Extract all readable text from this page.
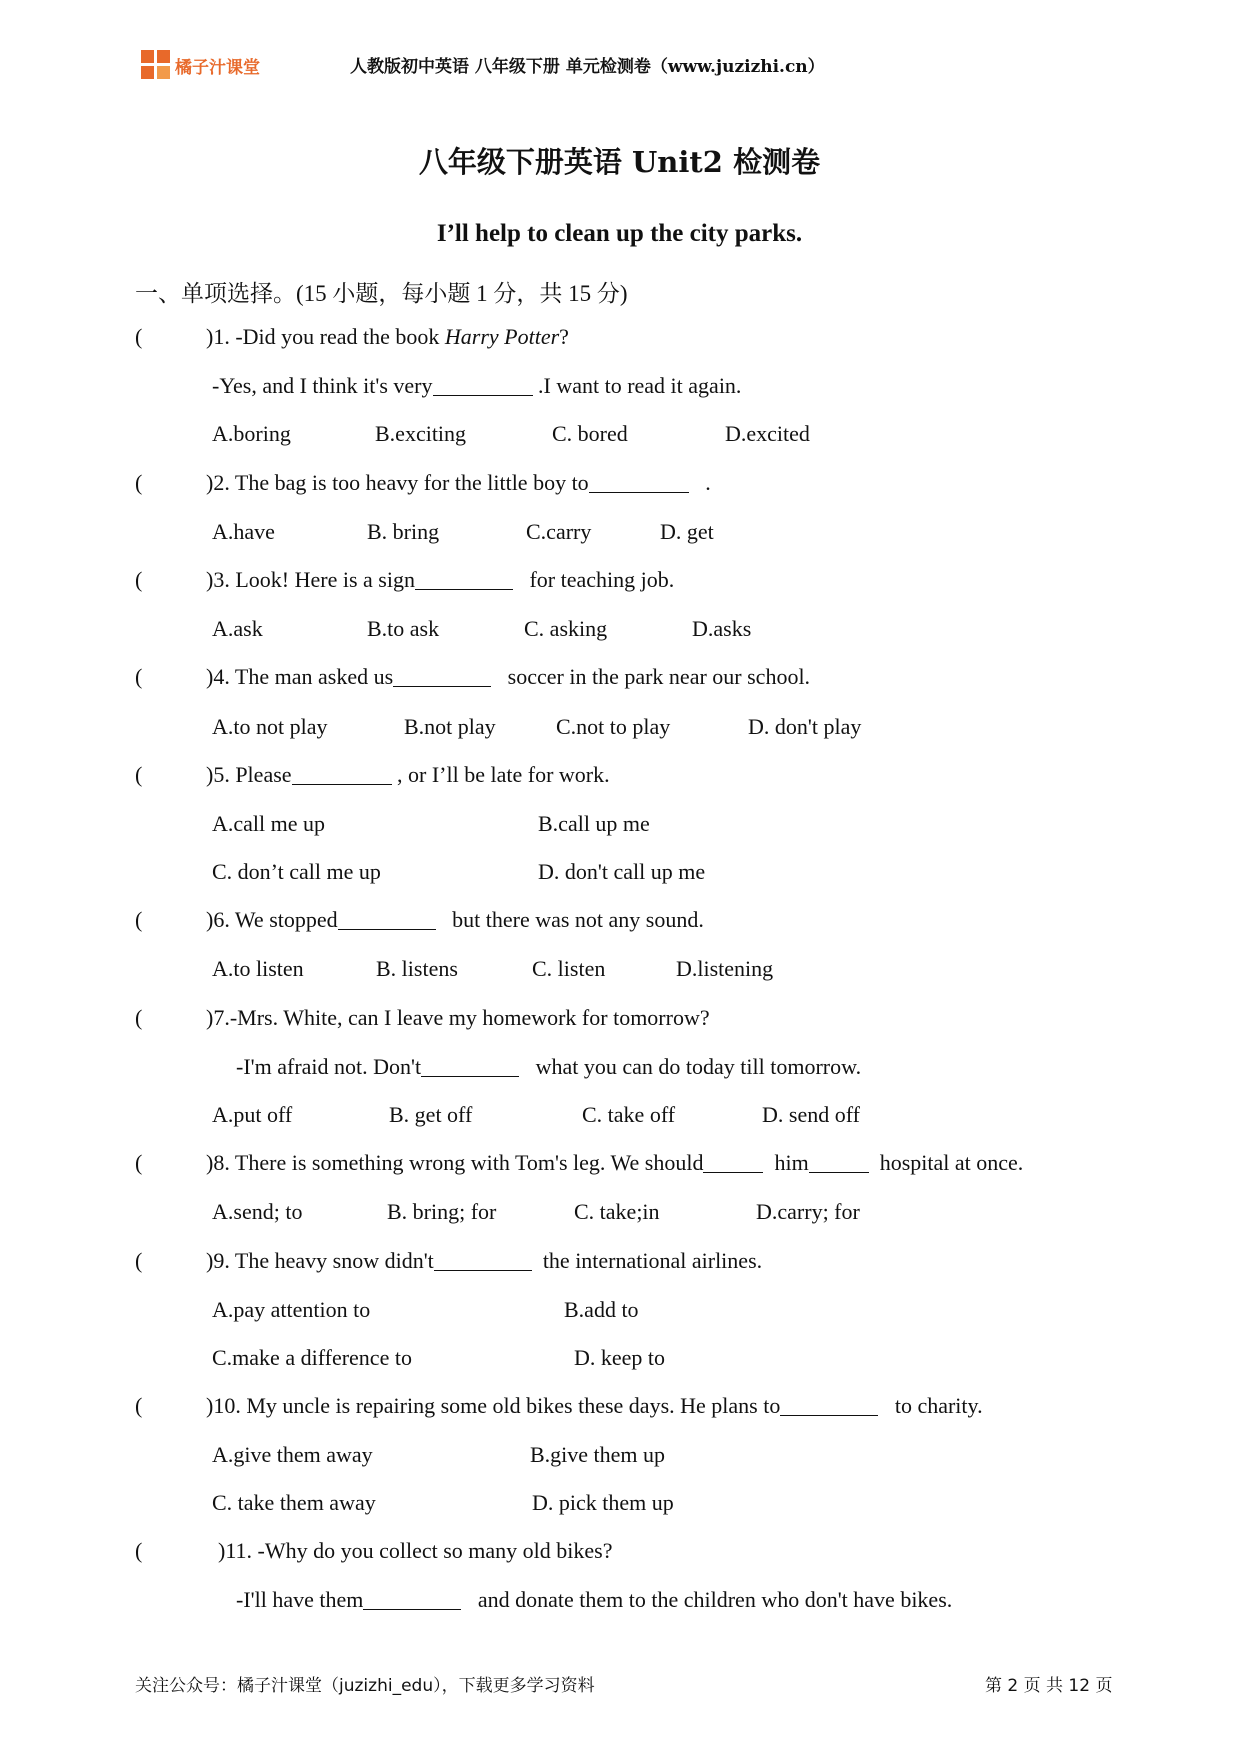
橘子汁课堂	人教版初中英语 八年级下册 单元检测卷（www.juzizhi.cn）
八年级下册英语 Unit2 检测卷
I’ll help to clean up the city parks.
一、单项选择。(15 小题，每小题 1 分，共 15 分)
(	)1. -Did you read the book Harry Potter?
-Yes, and I think it's very	.I want to read it again.
A.boring	B.exciting	C. bored	D.excited
(	)2. The bag is too heavy for the little boy to	.
A.have	B. bring	C.carry	D. get
(	)3. Look! Here is a sign	for teaching job.
A.ask	B.to ask	C. asking	D.asks
(	)4. The man asked us	soccer in the park near our school.
A.to not play	B.not play	C.not to play	D. don't play
(	)5. Please	, or I’ll be late for work.
A.call me up	B.call up me
C. don’t call me up	D. don't call up me
(	)6. We stopped	but there was not any sound.
A.to listen	B. listens	C. listen	D.listening
(	)7.-Mrs. White, can I leave my homework for tomorrow?
-I'm afraid not. Don't	what you can do today till tomorrow.
A.put off	B. get off	C. take off	D. send off
(	)8. There is something wrong with Tom's leg. We should	him	hospital at once.
A.send; to	B. bring; for	C. take;in	D.carry; for
(	)9. The heavy snow didn't	the international airlines.
A.pay attention to	B.add to
C.make a difference to	D. keep to
(	)10. My uncle is repairing some old bikes these days. He plans to	to charity.
A.give them away	B.give them up
C. take them away	D. pick them up
(	)11. -Why do you collect so many old bikes?
-I'll have them	and donate them to the children who don't have bikes.
关注公众号：橘子汁课堂（juzizhi_edu），下载更多学习资料	第 2 页 共 12 页
